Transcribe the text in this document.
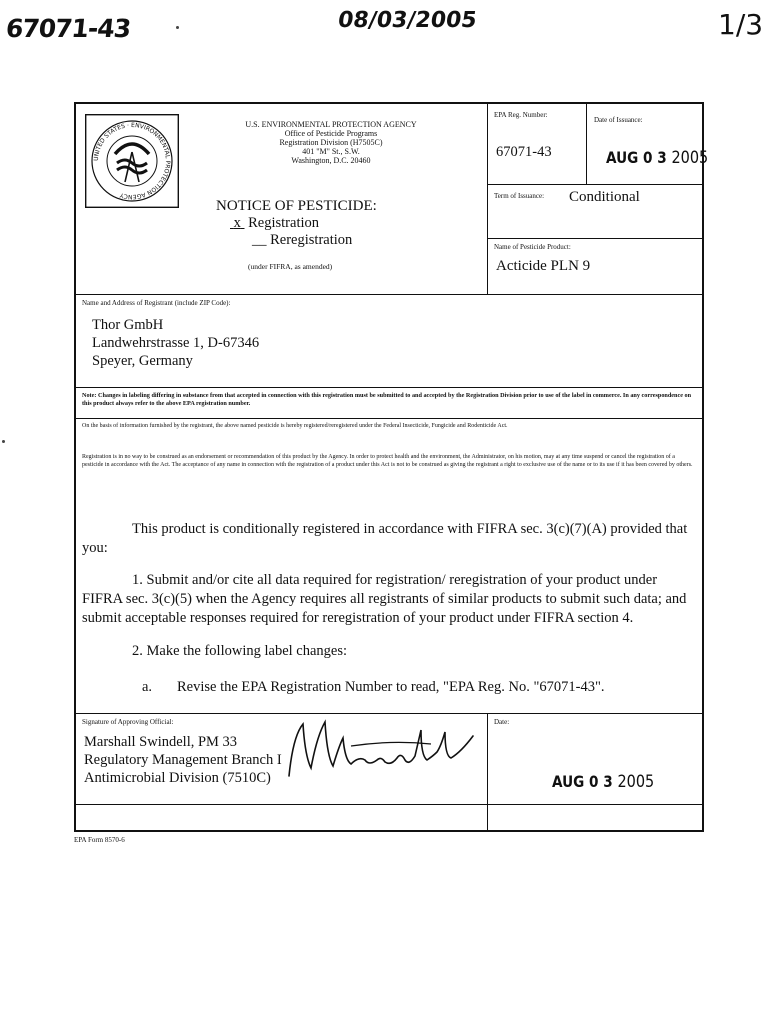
67071-43	08/03/2005	1/3
UNITED STATES · ENVIRONMENTAL PROTECTION AGENCY
U.S. ENVIRONMENTAL PROTECTION AGENCY
Office of Pesticide Programs
Registration Division (H7505C)
401 "M" St., S.W.
Washington, D.C. 20460
NOTICE OF PESTICIDE:
x Registration
__ Reregistration
(under FIFRA, as amended)
EPA Reg. Number:
67071-43
Date of Issuance:
AUG 0 3 2005
Term of Issuance: Conditional
Name of Pesticide Product:
Acticide PLN 9
Name and Address of Registrant (include ZIP Code):
Thor GmbH
Landwehrstrasse 1, D-67346
Speyer, Germany
Note: Changes in labeling differing in substance from that accepted in connection with this registration must be submitted to and accepted by the Registration Division prior to use of the label in commerce. In any correspondence on this product always refer to the above EPA registration number.
On the basis of information furnished by the registrant, the above named pesticide is hereby registered/reregistered under the Federal Insecticide, Fungicide and Rodenticide Act.
Registration is in no way to be construed as an endorsement or recommendation of this product by the Agency. In order to protect health and the environment, the Administrator, on his motion, may at any time suspend or cancel the registration of a pesticide in accordance with the Act. The acceptance of any name in connection with the registration of a product under this Act is not to be construed as giving the registrant a right to exclusive use of the name or to its use if it has been covered by others.
This product is conditionally registered in accordance with FIFRA sec. 3(c)(7)(A) provided that you:
1. Submit and/or cite all data required for registration/ reregistration of your product under FIFRA sec. 3(c)(5) when the Agency requires all registrants of similar products to submit such data; and submit acceptable responses required for reregistration of your product under FIFRA section 4.
2. Make the following label changes:
a. Revise the EPA Registration Number to read, "EPA Reg. No. "67071-43".
Signature of Approving Official:
Marshall Swindell, PM 33
Regulatory Management Branch I
Antimicrobial Division (7510C)
Date:
AUG 0 3 2005
EPA Form 8570-6
